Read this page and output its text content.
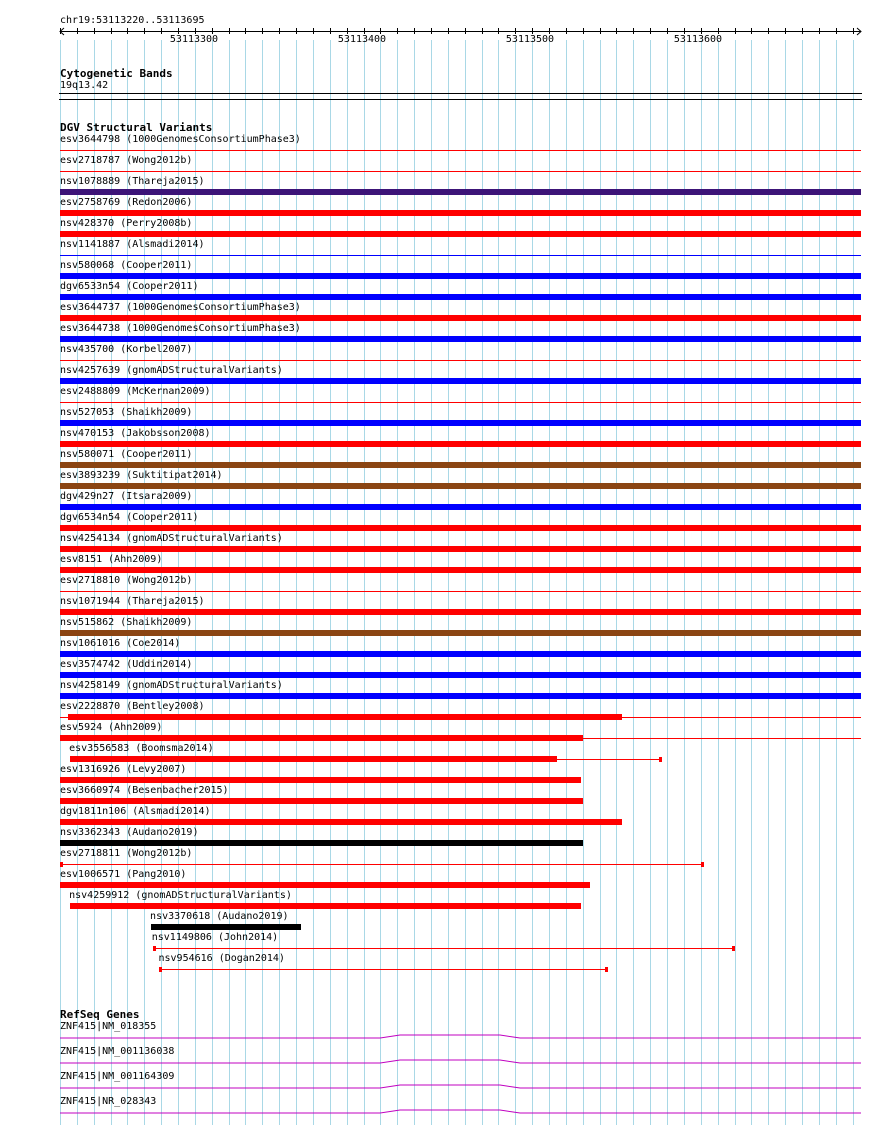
chr19:53113220..53113695
53113300	53113400	53113500	53113600
Cytogenetic Bands
19q13.42
DGV Structural Variants
esv3644798 (1000GenomesConsortiumPhase3)
esv2718787 (Wong2012b)
nsv1078889 (Thareja2015)
esv2758769 (Redon2006)
nsv428370 (Perry2008b)
nsv1141887 (Alsmadi2014)
nsv580068 (Cooper2011)
dgv6533n54 (Cooper2011)
esv3644737 (1000GenomesConsortiumPhase3)
esv3644738 (1000GenomesConsortiumPhase3)
nsv435700 (Korbel2007)
nsv4257639 (gnomADStructuralVariants)
esv2488809 (McKernan2009)
nsv527053 (Shaikh2009)
nsv470153 (Jakobsson2008)
nsv580071 (Cooper2011)
esv3893239 (Suktitipat2014)
dgv429n27 (Itsara2009)
dgv6534n54 (Cooper2011)
nsv4254134 (gnomADStructuralVariants)
esv8151 (Ahn2009)
esv2718810 (Wong2012b)
nsv1071944 (Thareja2015)
nsv515862 (Shaikh2009)
nsv1061016 (Coe2014)
esv3574742 (Uddin2014)
nsv4258149 (gnomADStructuralVariants)
esv2228870 (Bentley2008)
esv5924 (Ahn2009)
esv3556583 (Boomsma2014)
esv1316926 (Levy2007)
esv3660974 (Besenbacher2015)
dgv1811n106 (Alsmadi2014)
nsv3362343 (Audano2019)
esv2718811 (Wong2012b)
esv1006571 (Pang2010)
nsv4259912 (gnomADStructuralVariants)
nsv3370618 (Audano2019)
nsv1149806 (John2014)
nsv954616 (Dogan2014)
RefSeq Genes
ZNF415|NM_018355
ZNF415|NM_001136038
ZNF415|NM_001164309
ZNF415|NR_028343
